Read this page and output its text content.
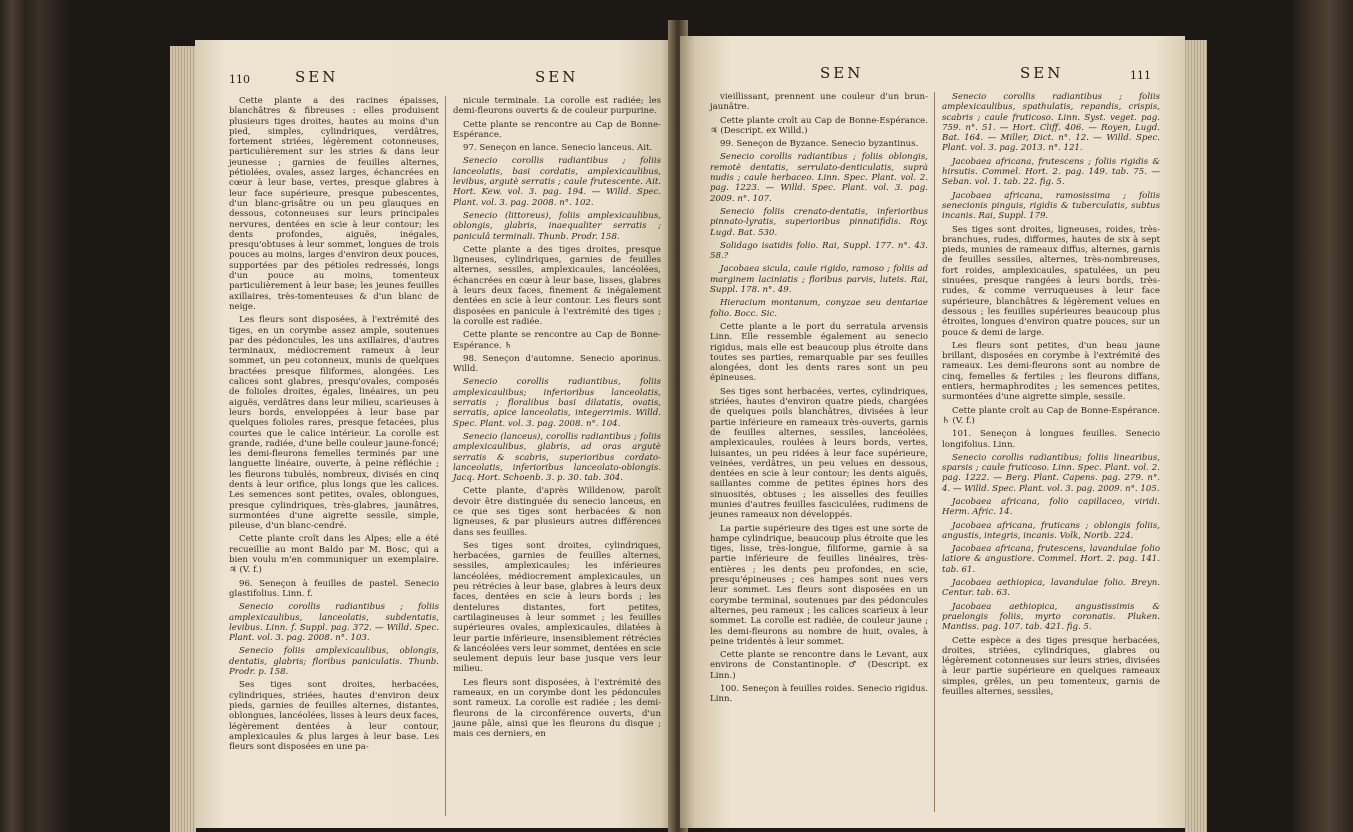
110	SEN	SEN

Cette plante a des racines épaisses, blanchâtres & fibreuses : elles produisent plusieurs tiges droites, hautes au moins d'un pied, simples, cylindriques, verdâtres, fortement striées, légèrement cotonneuses, particulièrement sur les stries & dans leur jeunesse ; garnies de feuilles alternes, pétiolées, ovales, assez larges, échancrées en cœur à leur base, vertes, presque glabres à leur face supérieure, presque pubescentes, d'un blanc-grisâtre ou un peu glauques en dessous, cotonneuses sur leurs principales nervures, dentées en scie à leur contour; les dents profondes, aiguës, inégales, presqu'obtuses à leur sommet, longues de trois pouces au moins, larges d'environ deux pouces, supportées par des pétioles redressés, longs d'un pouce au moins, tomenteux particulièrement à leur base; les jeunes feuilles axillaires, très-tomenteuses & d'un blanc de neige.

Les fleurs sont disposées, à l'extrémité des tiges, en un corymbe assez ample, soutenues par des pédoncules, les uns axillaires, d'autres terminaux, médiocrement rameux à leur sommet, un peu cotonneux, munis de quelques bractées presque filiformes, alongées. Les calices sont glabres, presqu'ovales, composés de folioles droites, égales, linéaires, un peu aiguës, verdâtres dans leur milieu, scarieuses à leurs bords, enveloppées à leur base par quelques folioles rares, presque fetacées, plus courtes que le calice intérieur. La corolle est grande, radiée, d'une belle couleur jaune-foncé; les demi-fleurons femelles terminés par une languette linéaire, ouverte, à peine réfléchie ; les fleurons tubulés, nombreux, divisés en cinq dents à leur orifice, plus longs que les calices. Les semences sont petites, ovales, oblongues, presque cylindriques, très-glabres, jaunâtres, surmontées d'une aigrette sessile, simple, pileuse, d'un blanc-cendré.

Cette plante croît dans les Alpes; elle a été recueillie au mont Baldo par M. Bosc, qui a bien voulu m'en communiquer un exemplaire. ♃ (V. f.)

96. Seneçon à feuilles de pastel. Senecio glastifolius. Linn. f.

Senecio corollis radiantibus ; foliis amplexicaulibus, lanceolatis, subdentatis, levibus. Linn. f. Suppl. pag. 372. — Willd. Spec. Plant. vol. 3. pag. 2008. n°. 103.

Senecio foliis amplexicaulibus, oblongis, dentatis, glabris; floribus paniculatis. Thunb. Prodr. p. 158.

Ses tiges sont droites, herbacées, cylindriques, striées, hautes d'environ deux pieds, garnies de feuilles alternes, distantes, oblongues, lancéolées, lisses à leurs deux faces, légèrement dentées à leur contour, amplexicaules & plus larges à leur base. Les fleurs sont disposées en une pa-

nicule terminale. La corolle est radiée; les demi-fleurons ouverts & de couleur purpurine.

Cette plante se rencontre au Cap de Bonne-Espérance.

97. Seneçon en lance. Senecio lanceus. Ait.

Senecio corollis radiantibus ; foliis lanceolatis, basi cordatis, amplexicaulibus, levibus, argutè serratis ; caule frutescente. Ait. Hort. Kew. vol. 3. pag. 194. — Willd. Spec. Plant. vol. 3. pag. 2008. n°. 102.

Senecio (littoreus), foliis amplexicaulibus, oblongis, glabris, inaequaliter serratis ; paniculâ terminali. Thunb. Prodr. 158.

Cette plante a des tiges droites, presque ligneuses, cylindriques, garnies de feuilles alternes, sessiles, amplexicaules, lancéolées, échancrées en cœur à leur base, lisses, glabres à leurs deux faces, finement & inégalement dentées en scie à leur contour. Les fleurs sont disposées en panicule à l'extrémité des tiges ; la corolle est radiée.

Cette plante se rencontre au Cap de Bonne-Espérance. ♄

98. Seneçon d'automne. Senecio aporinus. Willd.

Senecio corollis radiantibus, foliis amplexicaulibus; inferioribus lanceolatis, serratis ; floralibus basi dilatatis, ovatis, serratis, apice lanceolatis, integerrimis. Willd. Spec. Plant. vol. 3. pag. 2008. n°. 104.

Senecio (lanceus), corollis radiantibus ; foliis amplexicaulibus, glabris, ad oras argutè serratis & scabris, superioribus cordato-lanceolatis, inferioribus lanceolato-oblongis. Jacq. Hort. Schoenb. 3. p. 30. tab. 304.

Cette plante, d'après Willdenow, paroît devoir être distinguée du senecio lanceus, en ce que ses tiges sont herbacées & non ligneuses, & par plusieurs autres différences dans ses feuilles.

Ses tiges sont droites, cylindriques, herbacées, garnies de feuilles alternes, sessiles, amplexicaules; les inférieures lancéolées, médiocrement amplexicaules, un peu rétrécies à leur base, glabres à leurs deux faces, dentées en scie à leurs bords ; les dentelures distantes, fort petites, cartilagineuses à leur sommet ; les feuilles supérieures ovales, amplexicaules, dilatées à leur partie inférieure, insensiblement rétrécies & lancéolées vers leur sommet, dentées en scie seulement depuis leur base jusque vers leur milieu.

Les fleurs sont disposées, à l'extrémité des rameaux, en un corymbe dont les pédoncules sont rameux. La corolle est radiée ; les demi-fleurons de la circonférence ouverts, d'un jaune pâle, ainsi que les fleurons du disque ; mais ces derniers, en

SEN	SEN	111

vieillissant, prennent une couleur d'un brun-jaunâtre.

Cette plante croît au Cap de Bonne-Espérance. ♃ (Descript. ex Willd.)

99. Seneçon de Byzance. Senecio byzantinus.

Senecio corollis radiantibus ; foliis oblongis, remotè dentatis, serrulato-denticulatis, suprà nudis ; caule herbaceo. Linn. Spec. Plant. vol. 2. pag. 1223. — Willd. Spec. Plant. vol. 3. pag. 2009. n°. 107.

Senecio foliis crenato-dentatis, inferioribus pinnato-lyratis, superioribus pinnatifidis. Roy. Lugd. Bat. 530.

Solidago isatidis folio. Rai, Suppl. 177. n°. 43. 58.?

Jacobaea sicula, caule rigido, ramoso ; foliis ad marginem laciniatis ; floribus parvis, luteis. Rai, Suppl. 178. n°. 49.

Hieracium montanum, conyzae seu dentariae folio. Bocc. Sic.

Cette plante a le port du serratula arvensis Linn. Elle ressemble également au senecio rigidus, mais elle est beaucoup plus étroite dans toutes ses parties, remarquable par ses feuilles alongées, dont les dents rares sont un peu épineuses.

Ses tiges sont herbacées, vertes, cylindriques, striées, hautes d'environ quatre pieds, chargées de quelques poils blanchâtres, divisées à leur partie inférieure en rameaux très-ouverts, garnis de feuilles alternes, sessiles, lancéolées, amplexicaules, roulées à leurs bords, vertes, luisantes, un peu ridées à leur face supérieure, veinées, verdâtres, un peu velues en dessous, dentées en scie à leur contour; les dents aiguës, saillantes comme de petites épines hors des sinuosités, obtuses ; les aisselles des feuilles munies d'autres feuilles fasciculées, rudimens de jeunes rameaux non développés.

La partie supérieure des tiges est une sorte de hampe cylindrique, beaucoup plus étroite que les tiges, lisse, très-longue, filiforme, garnie à sa partie inférieure de feuilles linéaires, très-entières ; les dents peu profondes, en scie, presqu'épineuses ; ces hampes sont nues vers leur sommet. Les fleurs sont disposées en un corymbe terminal, soutenues par des pédoncules alternes, peu rameux ; les calices scarieux à leur sommet. La corolle est radiée, de couleur jaune ; les demi-fleurons au nombre de huit, ovales, à peine tridentés à leur sommet.

Cette plante se rencontre dans le Levant, aux environs de Constantinople. ♂ (Descript. ex Linn.)

100. Seneçon à feuilles roides. Senecio rigidus. Linn.

Senecio corollis radiantibus ; foliis amplexicaulibus, spathulatis, repandis, crispis, scabris ; caule fruticoso. Linn. Syst. veget. pag. 759. n°. 51. — Hort. Cliff. 406. — Royen, Lugd. Bat. 164. — Miller, Dict. n°. 12. — Willd. Spec. Plant. vol. 3. pag. 2013. n°. 121.

Jacobaea africana, frutescens ; foliis rigidis & hirsutis. Commel. Hort. 2. pag. 149. tab. 75. — Seban. vol. 1. tab. 22. fig. 5.

Jacobaea africana, ramosissima ; foliis senecionis pinguis, rigidis & tuberculatis, subtus incanis. Rai, Suppl. 179.

Ses tiges sont droites, ligneuses, roides, très-branchues, rudes, difformes, hautes de six à sept pieds, munies de rameaux diffus, alternes, garnis de feuilles sessiles, alternes, très-nombreuses, fort roides, amplexicaules, spatulées, un peu sinuées, presque rangées à leurs bords, très-rudes, & comme verruqueuses à leur face supérieure, blanchâtres & légèrement velues en dessous ; les feuilles supérieures beaucoup plus étroites, longues d'environ quatre pouces, sur un pouce & demi de large.

Les fleurs sont petites, d'un beau jaune brillant, disposées en corymbe à l'extrémité des rameaux. Les demi-fleurons sont au nombre de cinq, femelles & fertiles ; les fleurons diffans, entiers, hermaphrodites ; les semences petites, surmontées d'une aigrette simple, sessile.

Cette plante croît au Cap de Bonne-Espérance. ♄ (V. f.)

101. Seneçon à longues feuilles. Senecio longifolius. Linn.

Senecio corollis radiantibus; foliis linearibus, sparsis ; caule fruticoso. Linn. Spec. Plant. vol. 2. pag. 1222. — Berg. Plant. Capens. pag. 279. n°. 4. — Willd. Spec. Plant. vol. 3. pag. 2009. n°. 105.

Jacobaea africana, folio capillaceo, viridi. Herm. Afric. 14.

Jacobaea africana, fruticans ; oblongis foliis, angustis, integris, incanis. Volk, Norib. 224.

Jacobaea africana, frutescens, lavandulae folio latiore & angustiore. Commel. Hort. 2. pag. 141. tab. 61.

Jacobaea aethiopica, lavandulae folio. Breyn. Centur. tab. 63.

Jacobaea aethiopica, angustissimis & praelongis foliis, myrto coronatis. Pluken. Mantiss. pag. 107. tab. 421. fig. 5.

Cette espèce a des tiges presque herbacées, droites, striées, cylindriques, glabres ou légèrement cotonneuses sur leurs stries, divisées à leur partie supérieure en quelques rameaux simples, grêles, un peu tomenteux, garnis de feuilles alternes, sessiles,
